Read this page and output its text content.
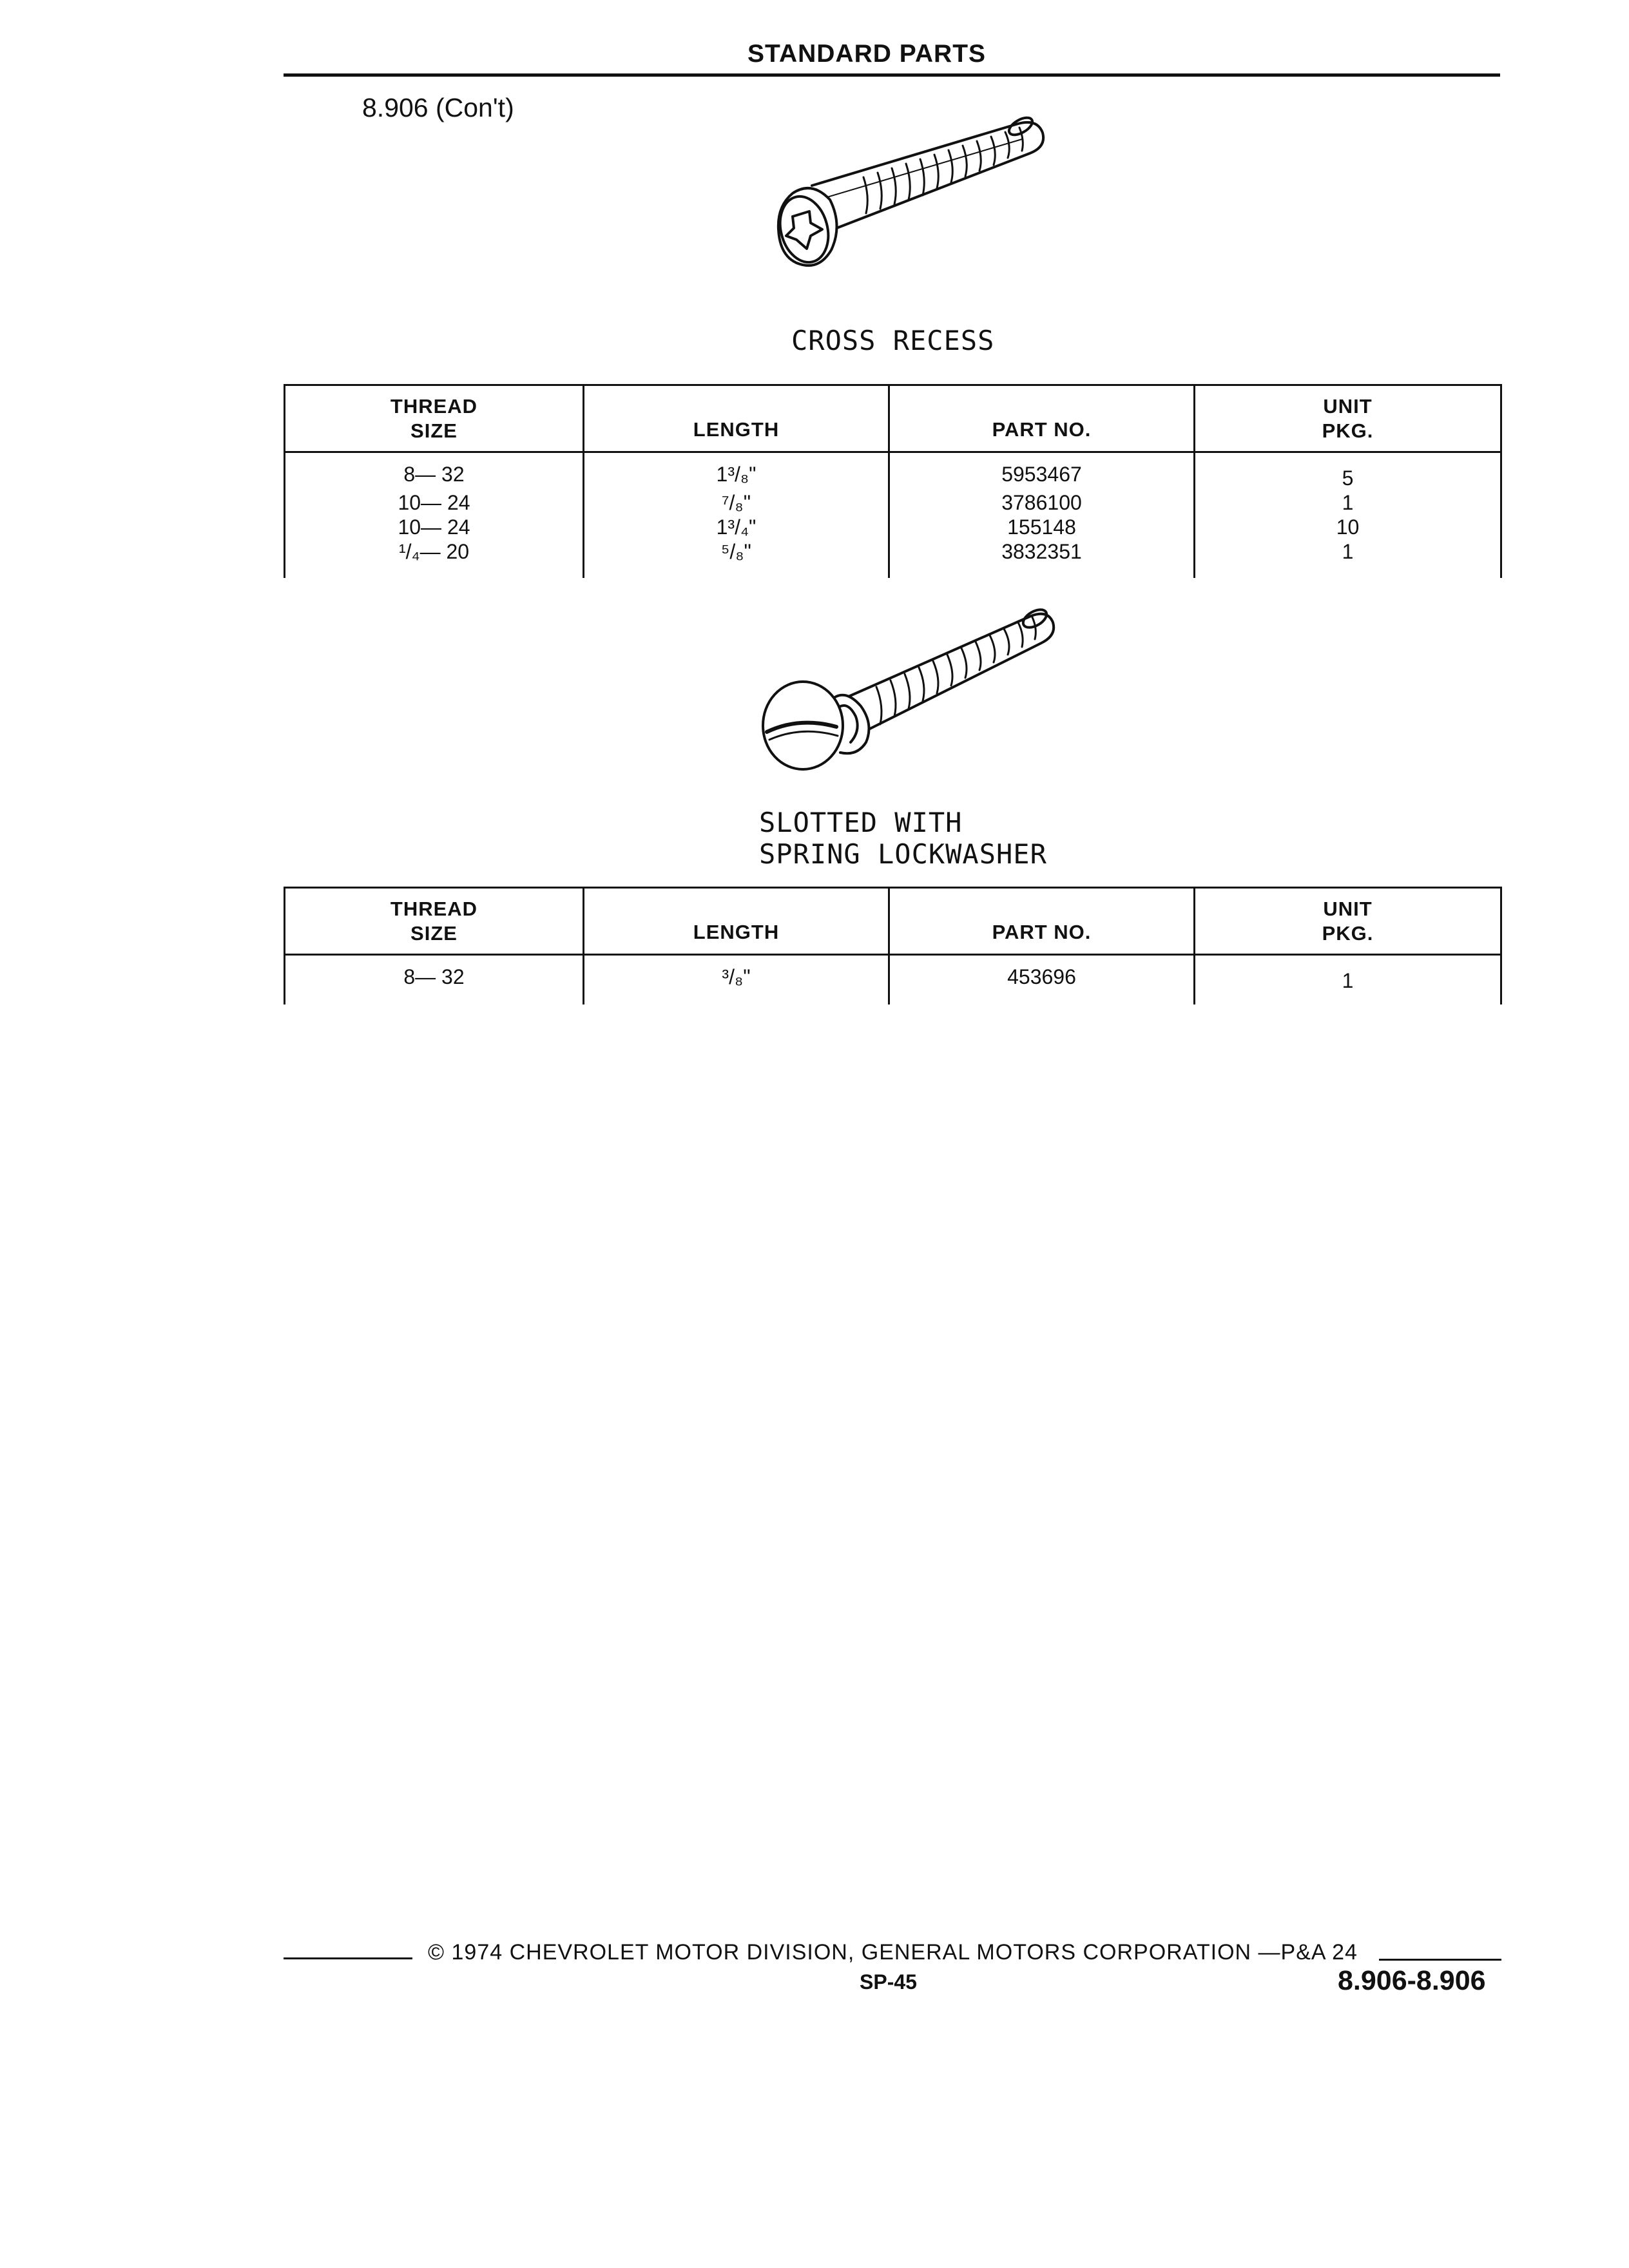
STANDARD PARTS
8.906 (Con't)
CROSS RECESS
THREAD
SIZE	LENGTH	PART NO.	UNIT
PKG.
8— 32	1³/₈"	5953467	5
10— 24	⁷/₈"	3786100	1
10— 24	1³/₄"	155148	10
¹/₄— 20	⁵/₈"	3832351	1
SLOTTED WITH
SPRING LOCKWASHER
THREAD
SIZE	LENGTH	PART NO.	UNIT
PKG.
8— 32	³/₈"	453696	1
© 1974 CHEVROLET MOTOR DIVISION, GENERAL MOTORS CORPORATION —P&A 24
SP-45	8.906-8.906
